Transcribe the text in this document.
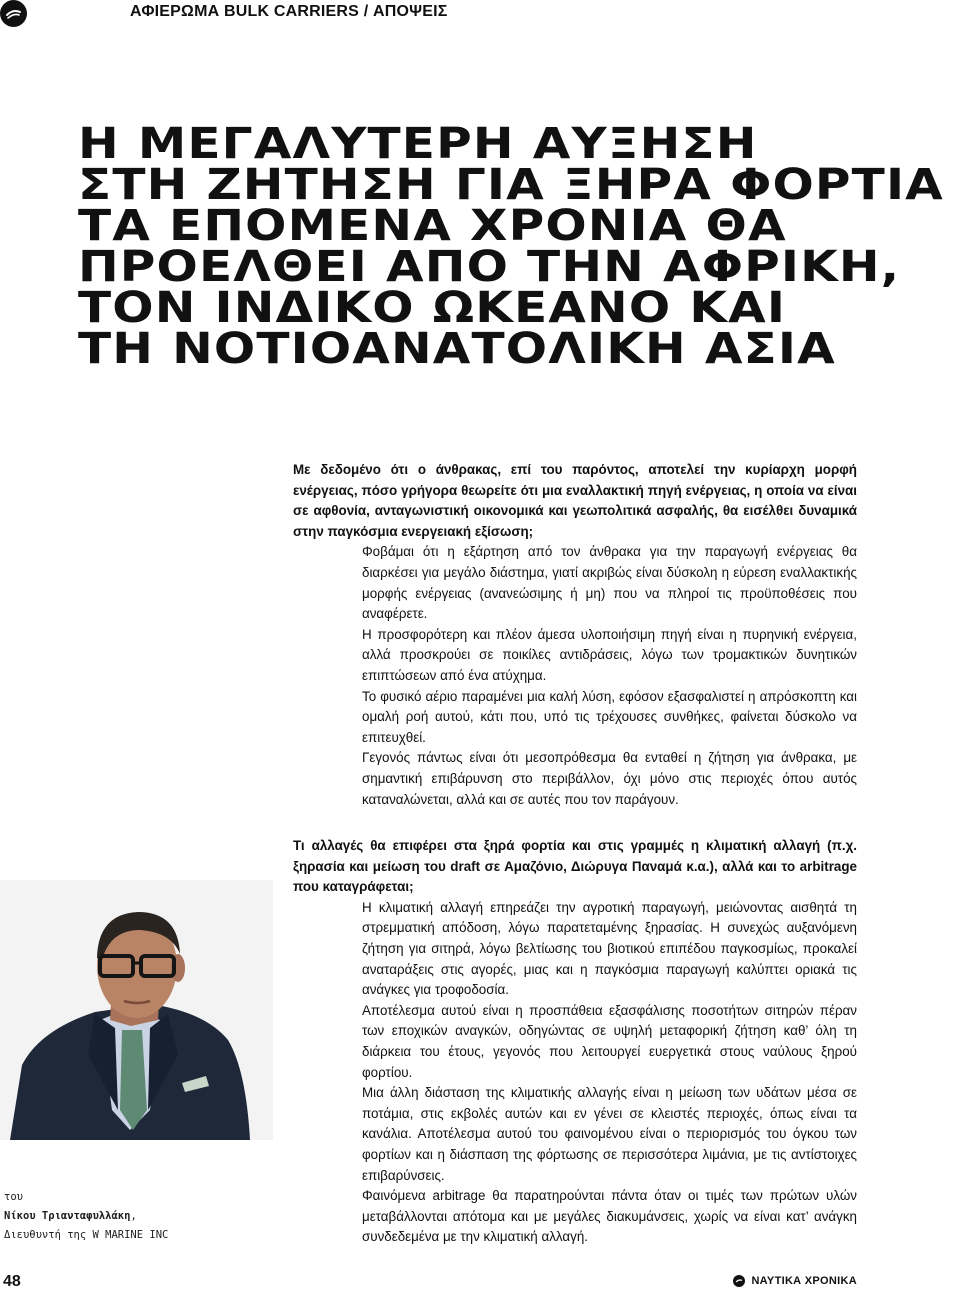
ΑΦΙΕΡΩΜΑ BULK CARRIERS / ΑΠΟΨΕΙΣ
Η ΜΕΓΑΛΥΤΕΡΗ ΑΥΞΗΣΗ
ΣΤΗ ΖΗΤΗΣΗ ΓΙΑ ΞΗΡΑ ΦΟΡΤΙΑ
ΤΑ ΕΠΟΜΕΝΑ ΧΡΟΝΙΑ ΘΑ
ΠΡΟΕΛΘΕΙ ΑΠΟ ΤΗΝ ΑΦΡΙΚΗ,
ΤΟΝ ΙΝΔΙΚΟ ΩΚΕΑΝΟ ΚΑΙ
ΤΗ ΝΟΤΙΟΑΝΑΤΟΛΙΚΗ ΑΣΙΑ

Με δεδομένο ότι ο άνθρακας, επί του παρόντος, αποτελεί την κυρίαρχη μορφή ενέργειας, πόσο γρήγορα θεωρείτε ότι μια εναλλακτική πηγή ενέργειας, η οποία να είναι σε αφθονία, ανταγωνιστική οικονομικά και γεωπολιτικά ασφαλής, θα εισέλθει δυναμικά στην παγκόσμια ενεργειακή εξίσωση;

Φοβάμαι ότι η εξάρτηση από τον άνθρακα για την παραγωγή ενέργειας θα διαρκέσει για μεγάλο διάστημα, γιατί ακριβώς είναι δύσκολη η εύρεση εναλλακτικής μορφής ενέργειας (ανανεώσιμης ή μη) που να πληροί τις προϋποθέσεις που αναφέρετε.

Η προσφορότερη και πλέον άμεσα υλοποιήσιμη πηγή είναι η πυρηνική ενέργεια, αλλά προσκρούει σε ποικίλες αντιδράσεις, λόγω των τρομακτικών δυνητικών επιπτώσεων από ένα ατύχημα.

Το φυσικό αέριο παραμένει μια καλή λύση, εφόσον εξασφαλιστεί η απρόσκοπτη και ομαλή ροή αυτού, κάτι που, υπό τις τρέχουσες συνθήκες, φαίνεται δύσκολο να επιτευχθεί.

Γεγονός πάντως είναι ότι μεσοπρόθεσμα θα ενταθεί η ζήτηση για άνθρακα, με σημαντική επιβάρυνση στο περιβάλλον, όχι μόνο στις περιοχές όπου αυτός καταναλώνεται, αλλά και σε αυτές που τον παράγουν.

Τι αλλαγές θα επιφέρει στα ξηρά φορτία και στις γραμμές η κλιματική αλλαγή (π.χ. ξηρασία και μείωση του draft σε Αμαζόνιο, Διώρυγα Παναμά κ.α.), αλλά και το arbitrage που καταγράφεται;

Η κλιματική αλλαγή επηρεάζει την αγροτική παραγωγή, μειώνοντας αισθητά τη στρεμματική απόδοση, λόγω παρατεταμένης ξηρασίας. Η συνεχώς αυξανόμενη ζήτηση για σιτηρά, λόγω βελτίωσης του βιοτικού επιπέδου παγκοσμίως, προκαλεί αναταράξεις στις αγορές, μιας και η παγκόσμια παραγωγή καλύπτει οριακά τις ανάγκες για τροφοδοσία.

Αποτέλεσμα αυτού είναι η προσπάθεια εξασφάλισης ποσοτήτων σιτηρών πέραν των εποχικών αναγκών, οδηγώντας σε υψηλή μεταφορική ζήτηση καθ’ όλη τη διάρκεια του έτους, γεγονός που λειτουργεί ευεργετικά στους ναύλους ξηρού φορτίου.

Μια άλλη διάσταση της κλιματικής αλλαγής είναι η μείωση των υδάτων μέσα σε ποτάμια, στις εκβολές αυτών και εν γένει σε κλειστές περιοχές, όπως είναι τα κανάλια. Αποτέλεσμα αυτού του φαινομένου είναι ο περιορισμός του όγκου των φορτίων και η διάσπαση της φόρτωσης σε περισσότερα λιμάνια, με τις αντίστοιχες επιβαρύνσεις.

Φαινόμενα arbitrage θα παρατηρούνται πάντα όταν οι τιμές των πρώτων υλών μεταβάλλονται απότομα και με μεγάλες διακυμάνσεις, χωρίς να είναι κατ’ ανάγκη συνδεδεμένα με την κλιματική αλλαγή.

του
Νίκου Τριανταφυλλάκη,
Διευθυντή της W MARINE INC
48	ΝΑΥΤΙΚΑ ΧΡΟΝΙΚΑ
